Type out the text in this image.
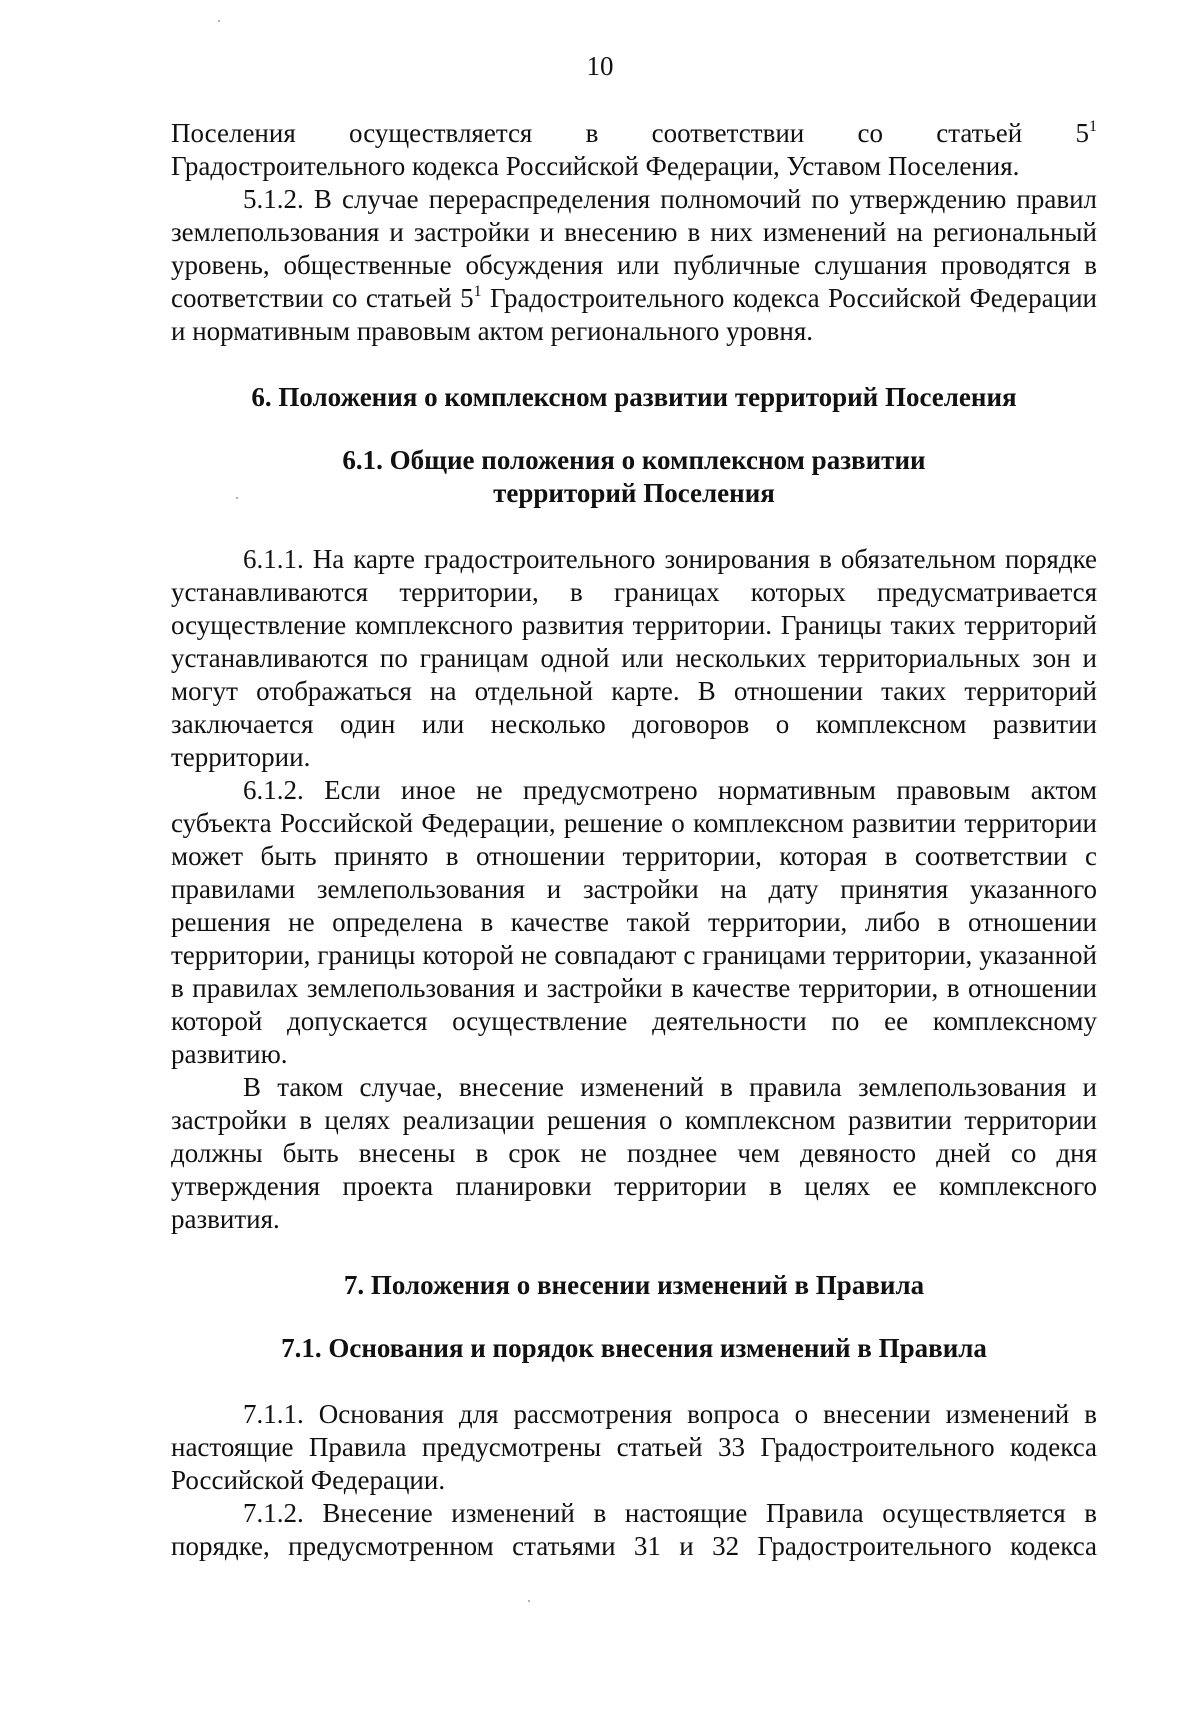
10

Поселения осуществляется в соответствии со статьей $5^1$

Градостроительного кодекса Российской Федерации, Уставом Поселения.

5.1.2. В случае перераспределения полномочий по утверждению правил землепользования и застройки и внесению в них изменений на региональный уровень, общественные обсуждения или публичные слушания проводятся в соответствии со статьей $5^1$ Градостроительного кодекса Российской Федерации и нормативным правовым актом регионального уровня.

6. Положения о комплексном развитии территорий Поселения
6.1. Общие положения о комплексном развитии
территорий Поселения

6.1.1. На карте градостроительного зонирования в обязательном порядке устанавливаются территории, в границах которых предусматривается осуществление комплексного развития территории. Границы таких территорий устанавливаются по границам одной или нескольких территориальных зон и могут отображаться на отдельной карте. В отношении таких территорий заключается один или несколько договоров о комплексном развитии территории.

6.1.2. Если иное не предусмотрено нормативным правовым актом субъекта Российской Федерации, решение о комплексном развитии территории может быть принято в отношении территории, которая в соответствии с правилами землепользования и застройки на дату принятия указанного решения не определена в качестве такой территории, либо в отношении территории, границы которой не совпадают с границами территории, указанной в правилах землепользования и застройки в качестве территории, в отношении которой допускается осуществление деятельности по ее комплексному развитию.

В таком случае, внесение изменений в правила землепользования и застройки в целях реализации решения о комплексном развитии территории должны быть внесены в срок не позднее чем девяносто дней со дня утверждения проекта планировки территории в целях ее комплексного развития.

7. Положения о внесении изменений в Правила
7.1. Основания и порядок внесения изменений в Правила

7.1.1. Основания для рассмотрения вопроса о внесении изменений в настоящие Правила предусмотрены статьей 33 Градостроительного кодекса Российской Федерации.

7.1.2. Внесение изменений в настоящие Правила осуществляется в порядке, предусмотренном статьями 31 и 32 Градостроительного кодекса
